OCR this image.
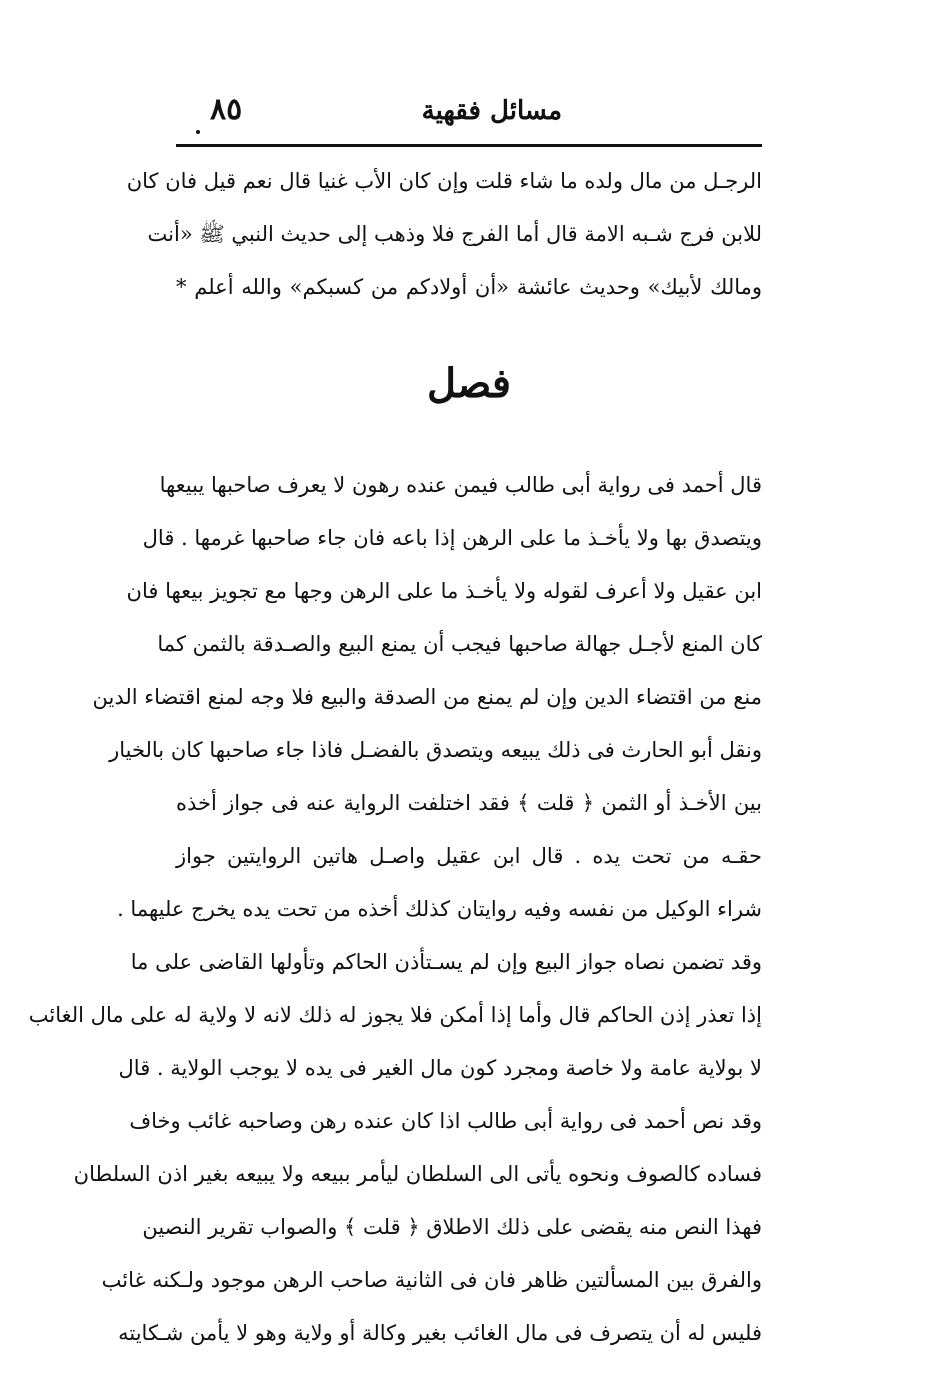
مسائل فقهية
٨٥
الرجـل من مال ولده ما شاء قلت وإن كان الأب غنيا قال نعم قيل فان كان
للابن فرج شـبه الامة قال أما الفرج فلا وذهب إلى حديث النبي ﷺ «أنت
ومالك لأبيك» وحديث عائشة «أن أولادكم من كسبكم» والله أعلم *
فصل
قال أحمد فى رواية أبى طالب فيمن عنده رهون لا يعرف صاحبها يبيعها
ويتصدق بها ولا يأخـذ ما على الرهن إذا باعه فان جاء صاحبها غرمها . قال
ابن عقيل ولا أعرف لقوله ولا يأخـذ ما على الرهن وجها مع تجويز بيعها فان
كان المنع لأجـل جهالة صاحبها فيجب أن يمنع البيع والصـدقة بالثمن كما
منع من اقتضاء الدين وإن لم يمنع من الصدقة والبيع فلا وجه لمنع اقتضاء الدين
ونقل أبو الحارث فى ذلك يبيعه ويتصدق بالفضـل فاذا جاء صاحبها كان بالخيار
بين الأخـذ أو الثمن ﴿ قلت ﴾ فقد اختلفت الرواية عنه فى جواز أخذه
حقـه من تحت يده . قال ابن عقيل واصـل هاتين الروايتين جواز
شراء الوكيل من نفسه وفيه روايتان كذلك أخذه من تحت يده يخرج عليهما .
وقد تضمن نصاه جواز البيع وإن لم يسـتأذن الحاكم وتأولها القاضى على ما
إذا تعذر إذن الحاكم قال وأما إذا أمكن فلا يجوز له ذلك لانه لا ولاية له على مال الغائب
لا بولاية عامة ولا خاصة ومجرد كون مال الغير فى يده لا يوجب الولاية . قال
وقد نص أحمد فى رواية أبى طالب اذا كان عنده رهن وصاحبه غائب وخاف
فساده كالصوف ونحوه يأتى الى السلطان ليأمر ببيعه ولا يبيعه بغير اذن السلطان
فهذا النص منه يقضى على ذلك الاطلاق ﴿ قلت ﴾ والصواب تقرير النصين
والفرق بين المسألتين ظاهر فان فى الثانية صاحب الرهن موجود ولـكنه غائب
فليس له أن يتصرف فى مال الغائب بغير وكالة أو ولاية وهو لا يأمن شـكايته
